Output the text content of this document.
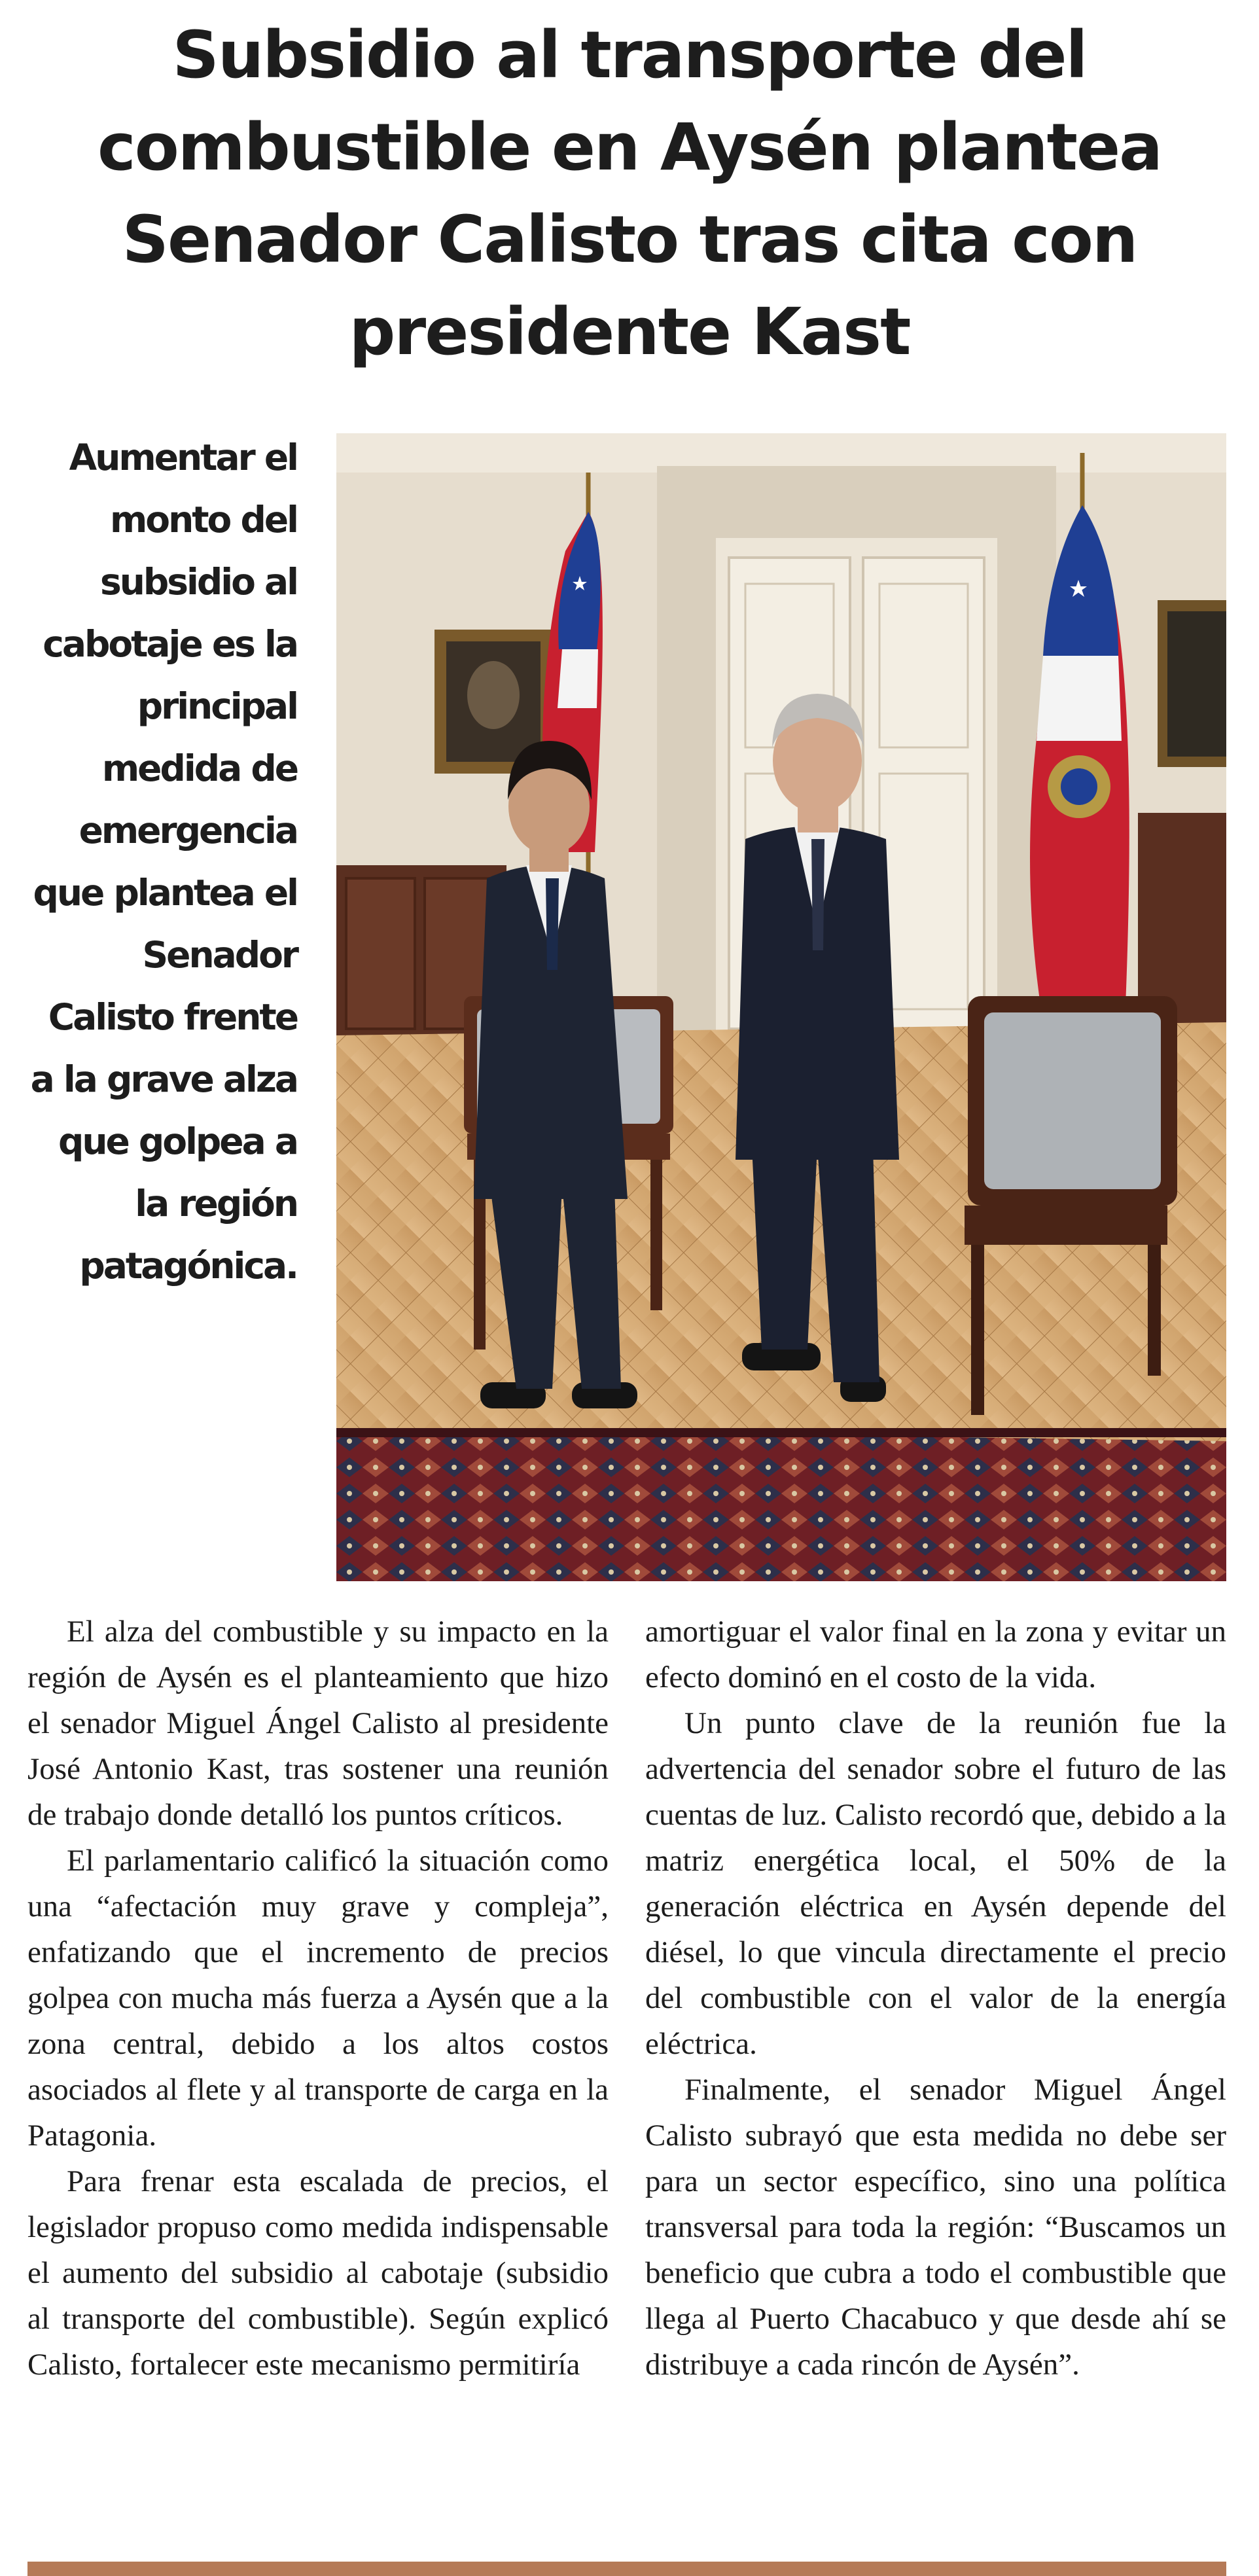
Subsidio al transporte del combustible en Aysén plantea Senador Calisto tras cita con presidente Kast

Aumentar el monto del subsidio al cabotaje es la principal medida de emergencia que plantea el Senador Calisto frente a la grave alza que golpea a la región patagónica.

El alza del combustible y su impacto en la región de Aysén es el planteamiento que hizo el senador Miguel Ángel Calisto al presidente José Antonio Kast, tras sostener una reunión de trabajo donde detalló los puntos críticos.

El parlamentario calificó la situación como una “afectación muy grave y compleja”, enfatizando que el incremento de precios golpea con mucha más fuerza a Aysén que a la zona central, debido a los altos costos asociados al flete y al transporte de carga en la Patagonia.

Para frenar esta escalada de precios, el legislador propuso como medida indispensable el aumento del subsidio al cabotaje (subsidio al transporte del combustible). Según explicó Calisto, fortalecer este mecanismo permitiría

amortiguar el valor final en la zona y evitar un efecto dominó en el costo de la vida.

Un punto clave de la reunión fue la advertencia del senador sobre el futuro de las cuentas de luz. Calisto recordó que, debido a la matriz energética local, el 50% de la generación eléctrica en Aysén depende del diésel, lo que vincula directamente el precio del combustible con el valor de la energía eléctrica.

Finalmente, el senador Miguel Ángel Calisto subrayó que esta medida no debe ser para un sector específico, sino una política transversal para toda la región: “Buscamos un beneficio que cubra a todo el combustible que llega al Puerto Chacabuco y que desde ahí se distribuye a cada rincón de Aysén”.
